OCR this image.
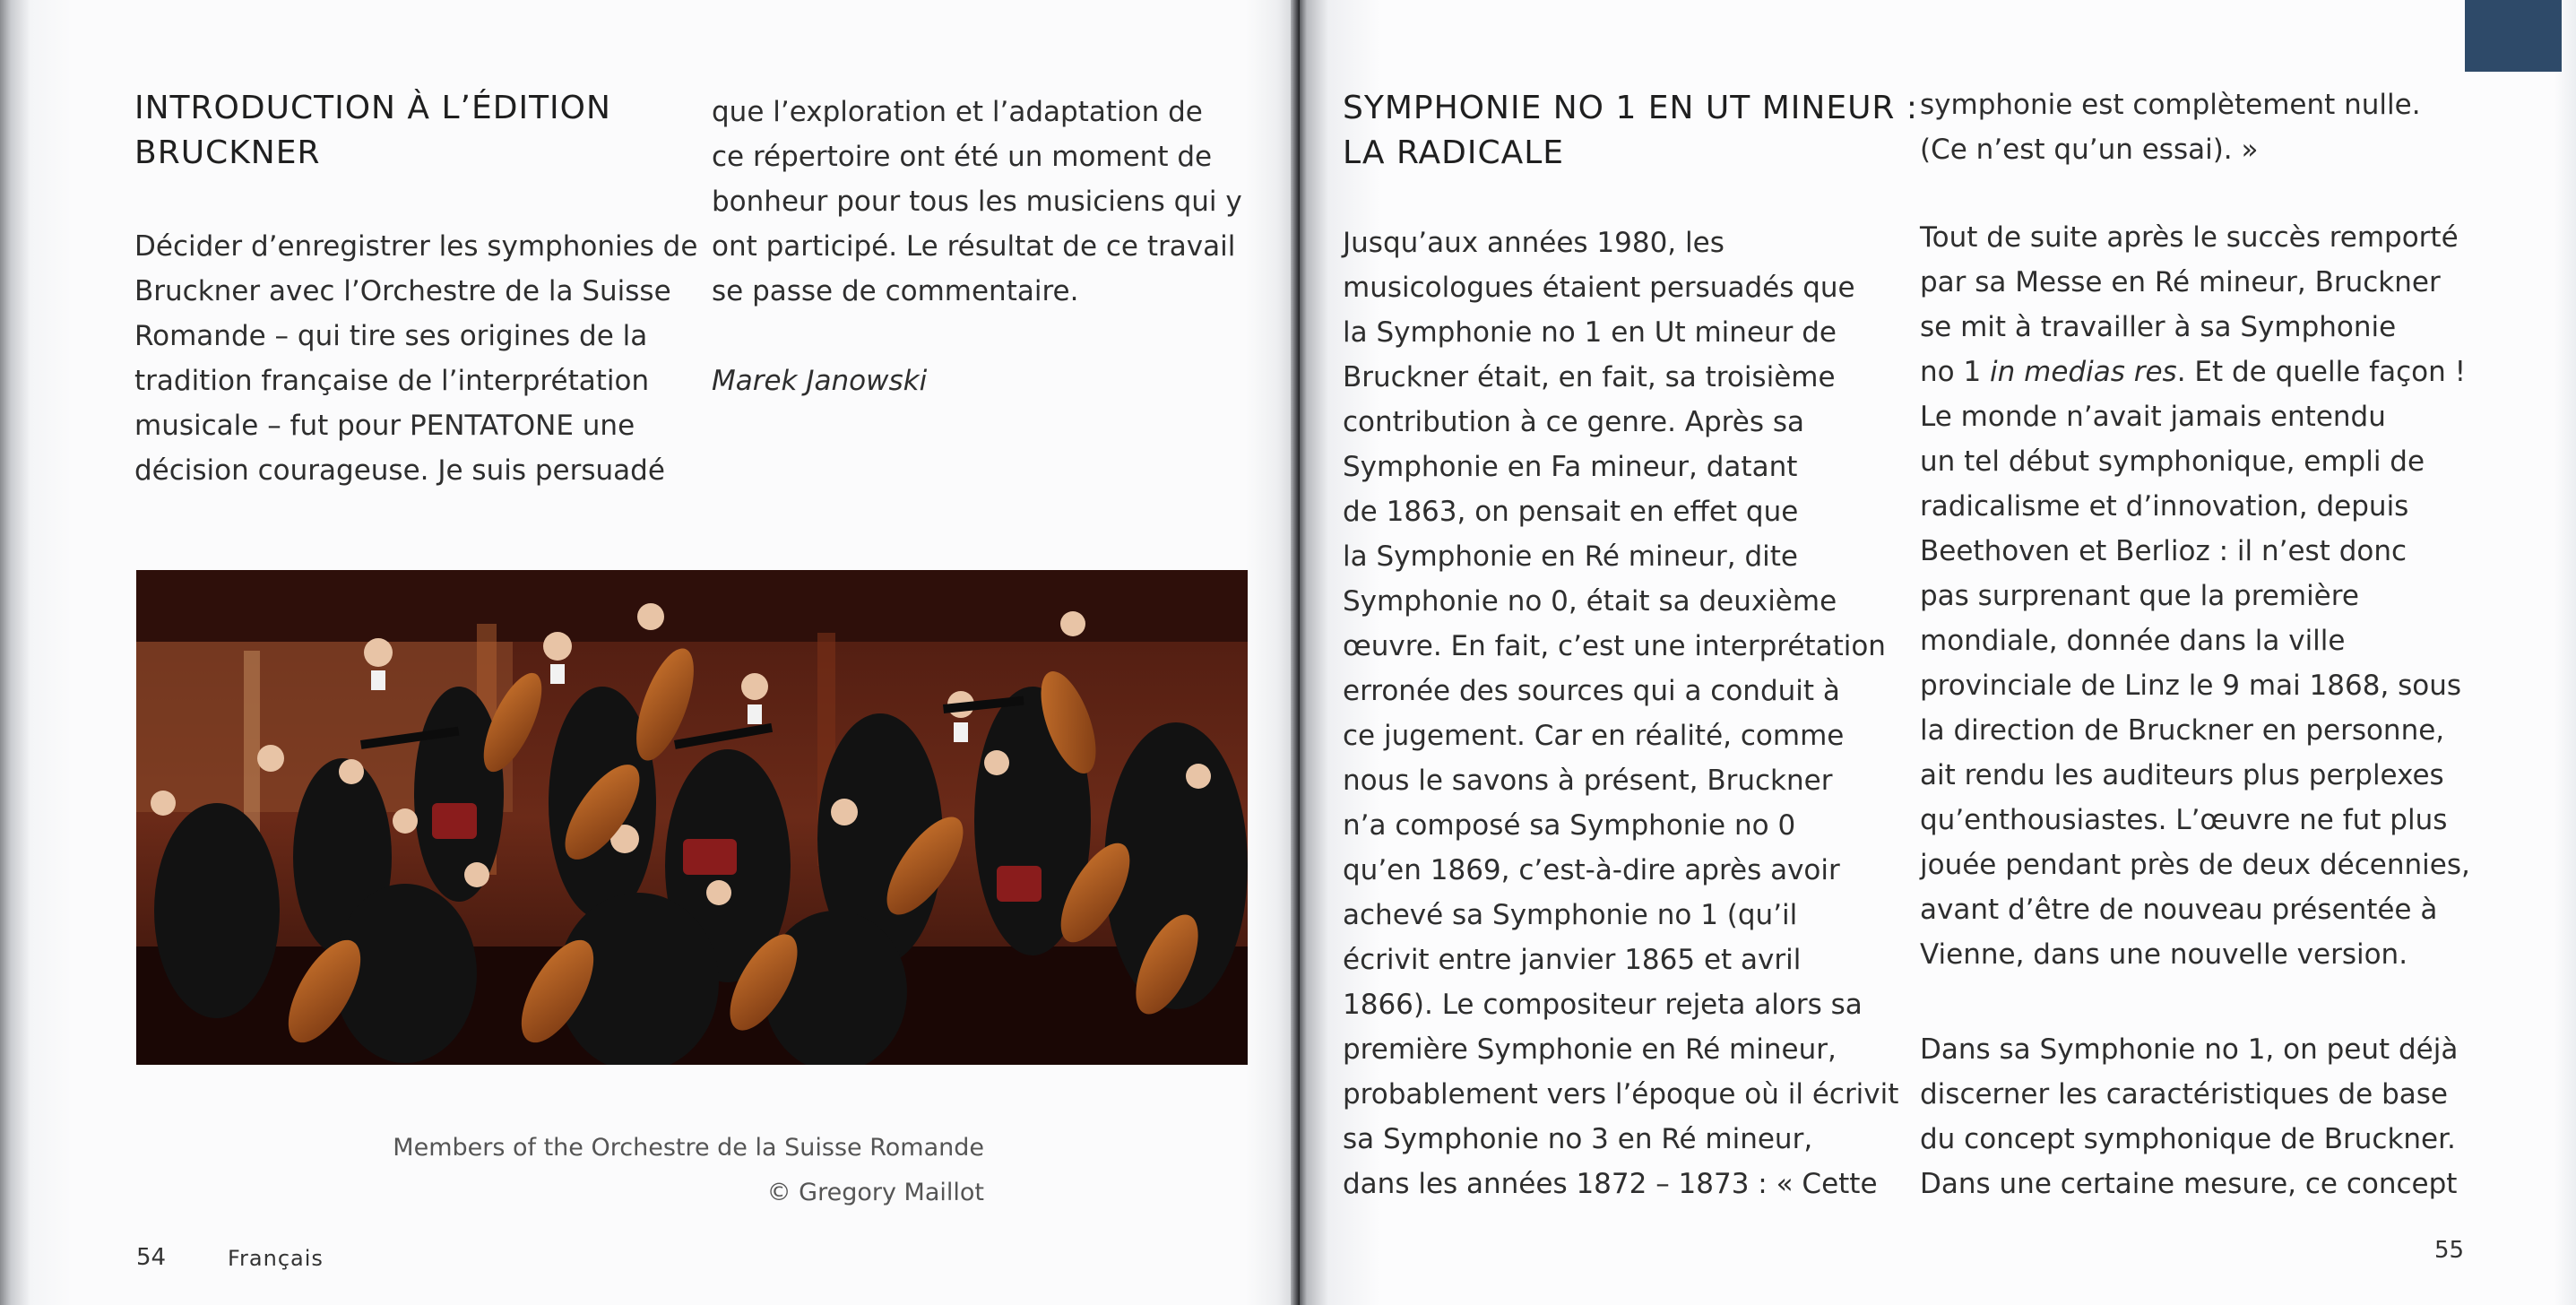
INTRODUCTION À L’ÉDITION
BRUCKNER

Décider d’enregistrer les symphonies de
Bruckner avec l’Orchestre de la Suisse
Romande – qui tire ses origines de la
tradition française de l’interprétation
musicale – fut pour PENTATONE une
décision courageuse. Je suis persuadé

que l’exploration et l’adaptation de
ce répertoire ont été un moment de
bonheur pour tous les musiciens qui y
ont participé. Le résultat de ce travail
se passe de commentaire.

Marek Janowski

Members of the Orchestre de la Suisse Romande
© Gregory Maillot
54	Français
SYMPHONIE NO 1 EN UT MINEUR :
LA RADICALE

Jusqu’aux années 1980, les
musicologues étaient persuadés que
la Symphonie no 1 en Ut mineur de
Bruckner était, en fait, sa troisième
contribution à ce genre. Après sa
Symphonie en Fa mineur, datant
de 1863, on pensait en effet que
la Symphonie en Ré mineur, dite
Symphonie no 0, était sa deuxième
œuvre. En fait, c’est une interprétation
erronée des sources qui a conduit à
ce jugement. Car en réalité, comme
nous le savons à présent, Bruckner
n’a composé sa Symphonie no 0
qu’en 1869, c’est-à-dire après avoir
achevé sa Symphonie no 1 (qu’il
écrivit entre janvier 1865 et avril
1866). Le compositeur rejeta alors sa
première Symphonie en Ré mineur,
probablement vers l’époque où il écrivit
sa Symphonie no 3 en Ré mineur,
dans les années 1872 – 1873 : « Cette

symphonie est complètement nulle.
(Ce n’est qu’un essai). »

Tout de suite après le succès remporté
par sa Messe en Ré mineur, Bruckner
se mit à travailler à sa Symphonie
no 1 in medias res. Et de quelle façon !
Le monde n’avait jamais entendu
un tel début symphonique, empli de
radicalisme et d’innovation, depuis
Beethoven et Berlioz : il n’est donc
pas surprenant que la première
mondiale, donnée dans la ville
provinciale de Linz le 9 mai 1868, sous
la direction de Bruckner en personne,
ait rendu les auditeurs plus perplexes
qu’enthousiastes. L’œuvre ne fut plus
jouée pendant près de deux décennies,
avant d’être de nouveau présentée à
Vienne, dans une nouvelle version.

Dans sa Symphonie no 1, on peut déjà
discerner les caractéristiques de base
du concept symphonique de Bruckner.
Dans une certaine mesure, ce concept

55
